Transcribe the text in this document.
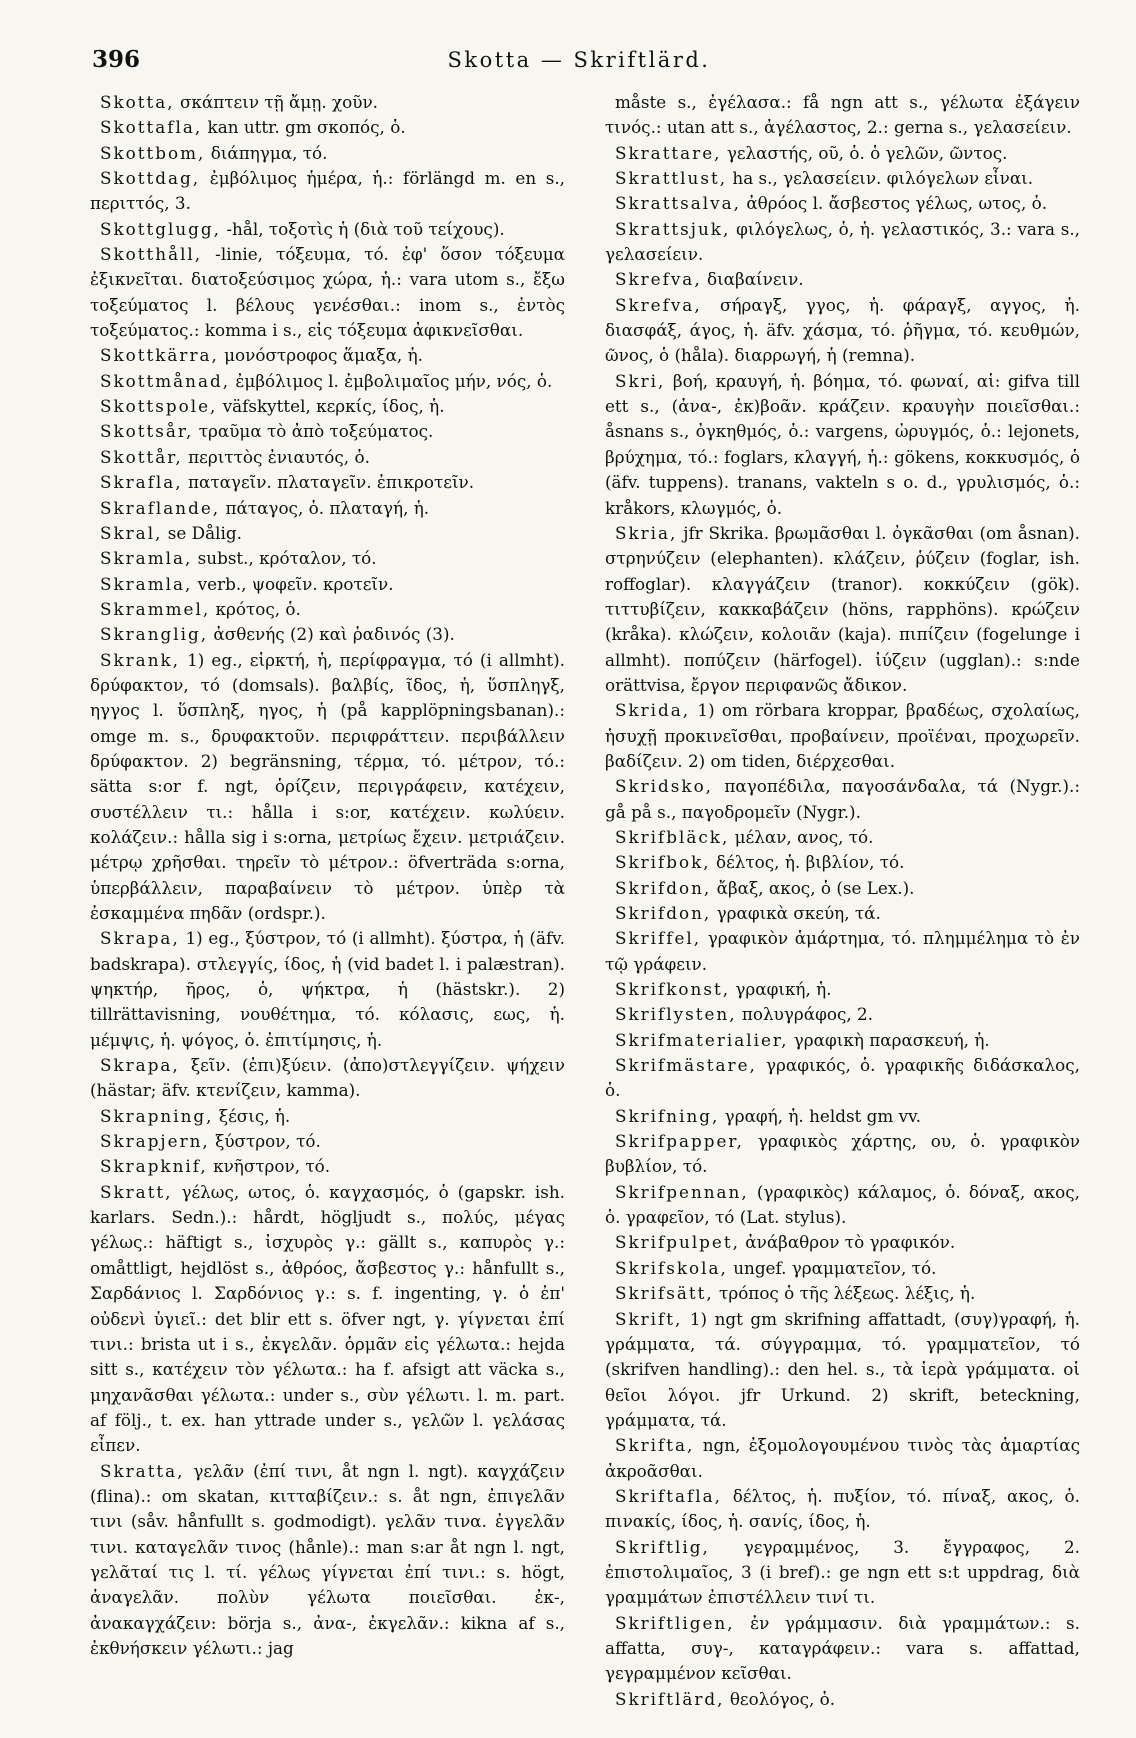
396	Skotta — Skriftlärd.

Skotta, σκάπτειν τῇ ἄμῃ. χοῦν.

Skottafla, kan uttr. gm σκοπός, ὁ.

Skottbom, διάπηγμα, τό.

Skottdag, ἐμβόλιμος ἡμέρα, ἡ.: förlängd m. en s., περιττός, 3.

Skottglugg, -hål, τοξοτὶς ἡ (διὰ τοῦ τείχους).

Skotthåll, -linie, τόξευμα, τό. ἐφ' ὅσον τόξευμα ἐξικνεῖται. διατοξεύσιμος χώρα, ἡ.: vara utom s., ἔξω τοξεύματος l. βέλους γενέσθαι.: inom s., ἐντὸς τοξεύματος.: komma i s., εἰς τόξευμα ἀφικνεῖσθαι.

Skottkärra, μονόστροφος ἅμαξα, ἡ.

Skottmånad, ἐμβόλιμος l. ἐμβολιμαῖος μήν, νός, ὁ.

Skottspole, väfskyttel, κερκίς, ίδος, ἡ.

Skottsår, τραῦμα τὸ ἀπὸ τοξεύματος.

Skottår, περιττὸς ἐνιαυτός, ὁ.

Skrafla, παταγεῖν. πλαταγεῖν. ἐπικροτεῖν.

Skraflande, πάταγος, ὁ. πλαταγή, ἡ.

Skral, se Dålig.

Skramla, subst., κρόταλον, τό.

Skramla, verb., ψοφεῖν. κροτεῖν.

Skrammel, κρότος, ὁ.

Skranglig, ἀσθενής (2) καὶ ῥαδινός (3).

Skrank, 1) eg., εἱρκτή, ἡ, περίφραγμα, τό (i allmht). δρύφακτον, τό (domsals). βαλβίς, ῖδος, ἡ, ὕσπληγξ, ηγγος l. ὕσπληξ, ηγος, ἡ (på kapplöpningsbanan).: omge m. s., δρυφακτοῦν. περιφράττειν. περιβάλλειν δρύφακτον. 2) begränsning, τέρμα, τό. μέτρον, τό.: sätta s:or f. ngt, ὁρίζειν, περιγράφειν, κατέχειν, συστέλλειν τι.: hålla i s:or, κατέχειν. κωλύειν. κολάζειν.: hålla sig i s:orna, μετρίως ἔχειν. μετριάζειν. μέτρῳ χρῆσθαι. τηρεῖν τὸ μέτρον.: öfverträda s:orna, ὑπερβάλλειν, παραβαίνειν τὸ μέτρον. ὑπὲρ τὰ ἐσκαμμένα πηδᾶν (ordspr.).

Skrapa, 1) eg., ξύστρον, τό (i allmht). ξύστρα, ἡ (äfv. badskrapa). στλεγγίς, ίδος, ἡ (vid badet l. i palæstran). ψηκτήρ, ῆρος, ὁ, ψήκτρα, ἡ (hästskr.). 2) tillrättavisning, νουθέτημα, τό. κόλασις, εως, ἡ. μέμψις, ἡ. ψόγος, ὁ. ἐπιτίμησις, ἡ.

Skrapa, ξεῖν. (ἐπι)ξύειν. (ἀπο)στλεγγίζειν. ψήχειν (hästar; äfv. κτενίζειν, kamma).

Skrapning, ξέσις, ἡ.

Skrapjern, ξύστρον, τό.

Skrapknif, κνῆστρον, τό.

Skratt, γέλως, ωτος, ὁ. καγχασμός, ὁ (gapskr. ish. karlars. Sedn.).: hårdt, högljudt s., πολύς, μέγας γέλως.: häftigt s., ἰσχυρὸς γ.: gällt s., καπυρὸς γ.: omåttligt, hejdlöst s., ἀθρόος, ἄσβεστος γ.: hånfullt s., Σαρδάνιος l. Σαρδόνιος γ.: s. f. ingenting, γ. ὁ ἐπ' οὐδενὶ ὑγιεῖ.: det blir ett s. öfver ngt, γ. γίγνεται ἐπί τινι.: brista ut i s., ἐκγελᾶν. ὁρμᾶν εἰς γέλωτα.: hejda sitt s., κατέχειν τὸν γέλωτα.: ha f. afsigt att väcka s., μηχανᾶσθαι γέλωτα.: under s., σὺν γέλωτι. l. m. part. af följ., t. ex. han yttrade under s., γελῶν l. γελάσας εἶπεν.

Skratta, γελᾶν (ἐπί τινι, åt ngn l. ngt). καγχάζειν (flina).: om skatan, κιτταβίζειν.: s. åt ngn, ἐπιγελᾶν τινι (såv. hånfullt s. godmodigt). γελᾶν τινα. ἐγγελᾶν τινι. καταγελᾶν τινος (hånle).: man s:ar åt ngn l. ngt, γελᾶταί τις l. τί. γέλως γίγνεται ἐπί τινι.: s. högt, ἀναγελᾶν. πολὺν γέλωτα ποιεῖσθαι. ἐκ-, ἀνακαγχάζειν: börja s., ἀνα-, ἐκγελᾶν.: kikna af s., ἐκθνήσκειν γέλωτι.: jag

måste s., ἐγέλασα.: få ngn att s., γέλωτα ἐξάγειν τινός.: utan att s., ἀγέλαστος, 2.: gerna s., γελασείειν.

Skrattare, γελαστής, οῦ, ὁ. ὁ γελῶν, ῶντος.

Skrattlust, ha s., γελασείειν. φιλόγελων εἶναι.

Skrattsalva, ἀθρόος l. ἄσβεστος γέλως, ωτος, ὁ.

Skrattsjuk, φιλόγελως, ὁ, ἡ. γελαστικός, 3.: vara s., γελασείειν.

Skrefva, διαβαίνειν.

Skrefva, σήραγξ, γγος, ἡ. φάραγξ, αγγος, ἡ. διασφάξ, άγος, ἡ. äfv. χάσμα, τό. ῥῆγμα, τό. κευθμών, ῶνος, ὁ (håla). διαρρωγή, ἡ (remna).

Skri, βοή, κραυγή, ἡ. βόημα, τό. φωναί, αἱ: gifva till ett s., (ἀνα-, ἐκ)βοᾶν. κράζειν. κραυγὴν ποιεῖσθαι.: åsnans s., ὀγκηθμός, ὁ.: vargens, ὠρυγμός, ὁ.: lejonets, βρύχημα, τό.: foglars, κλαγγή, ἡ.: gökens, κοκκυσμός, ὁ (äfv. tuppens). tranans, vakteln s o. d., γρυλισμός, ὁ.: kråkors, κλωγμός, ὁ.

Skria, jfr Skrika. βρωμᾶσθαι l. ὀγκᾶσθαι (om åsnan). στρηνύζειν (elephanten). κλάζειν, ῥύζειν (foglar, ish. roffoglar). κλαγγάζειν (tranor). κοκκύζειν (gök). τιττυβίζειν, κακκαβάζειν (höns, rapphöns). κρώζειν (kråka). κλώζειν, κολοιᾶν (kaja). πιπίζειν (fogelunge i allmht). ποπύζειν (härfogel). ἰύζειν (ugglan).: s:nde orättvisa, ἔργον περιφανῶς ἄδικον.

Skrida, 1) om rörbara kroppar, βραδέως, σχολαίως, ἡσυχῇ προκινεῖσθαι, προβαίνειν, προϊέναι, προχωρεῖν. βαδίζειν. 2) om tiden, διέρχεσθαι.

Skridsko, παγοπέδιλα, παγοσάνδαλα, τά (Nygr.).: gå på s., παγοδρομεῖν (Nygr.).

Skrifbläck, μέλαν, ανος, τό.

Skrifbok, δέλτος, ἡ. βιβλίον, τό.

Skrifdon, ἄβαξ, ακος, ὁ (se Lex.).

Skrifdon, γραφικὰ σκεύη, τά.

Skriffel, γραφικὸν ἁμάρτημα, τό. πλημμέλημα τὸ ἐν τῷ γράφειν.

Skrifkonst, γραφική, ἡ.

Skriflysten, πολυγράφος, 2.

Skrifmaterialier, γραφικὴ παρασκευή, ἡ.

Skrifmästare, γραφικός, ὁ. γραφικῆς διδάσκαλος, ὁ.

Skrifning, γραφή, ἡ. heldst gm vv.

Skrifpapper, γραφικὸς χάρτης, ου, ὁ. γραφικὸν βυβλίον, τό.

Skrifpennan, (γραφικὸς) κάλαμος, ὁ. δόναξ, ακος, ὁ. γραφεῖον, τό (Lat. stylus).

Skrifpulpet, ἀνάβαθρον τὸ γραφικόν.

Skrifskola, ungef. γραμματεῖον, τό.

Skrifsätt, τρόπος ὁ τῆς λέξεως. λέξις, ἡ.

Skrift, 1) ngt gm skrifning affattadt, (συγ)γραφή, ἡ. γράμματα, τά. σύγγραμμα, τό. γραμματεῖον, τό (skrifven handling).: den hel. s., τὰ ἱερὰ γράμματα. οἱ θεῖοι λόγοι. jfr Urkund. 2) skrift, beteckning, γράμματα, τά.

Skrifta, ngn, ἐξομολογουμένου τινὸς τὰς ἁμαρτίας ἀκροᾶσθαι.

Skriftafla, δέλτος, ἡ. πυξίον, τό. πίναξ, ακος, ὁ. πινακίς, ίδος, ἡ. σανίς, ίδος, ἡ.

Skriftlig, γεγραμμένος, 3. ἔγγραφος, 2. ἐπιστολιμαῖος, 3 (i bref).: ge ngn ett s:t uppdrag, διὰ γραμμάτων ἐπιστέλλειν τινί τι.

Skriftligen, ἐν γράμμασιν. διὰ γραμμάτων.: s. affatta, συγ-, καταγράφειν.: vara s. affattad, γεγραμμένον κεῖσθαι.

Skriftlärd, θεολόγος, ὁ.
